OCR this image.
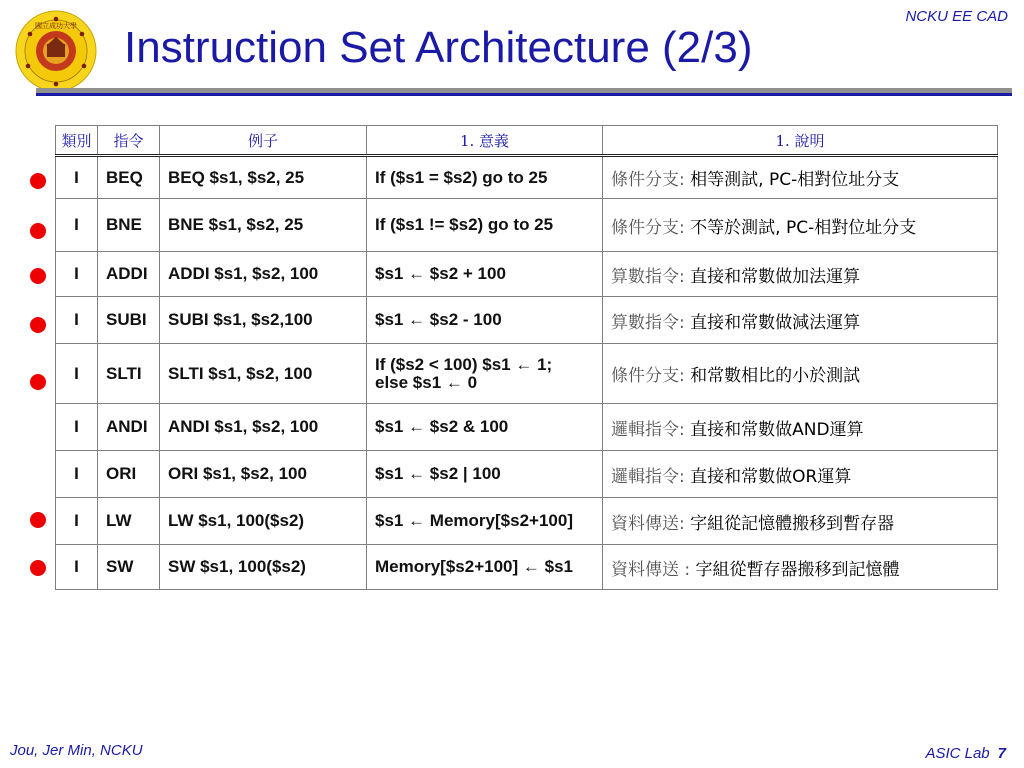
國立成功大學
NCKU EE CAD
Instruction Set Architecture (2/3)
類別	指令	例子	1. 意義	1. 說明
I	BEQ	BEQ $s1, $s2, 25	If ($s1 = $s2) go to 25	條件分支: 相等測試, PC-相對位址分支
I	BNE	BNE $s1, $s2, 25	If ($s1 != $s2) go to 25	條件分支: 不等於測試, PC-相對位址分支
I	ADDI	ADDI $s1, $s2, 100	$s1 ← $s2 + 100	算數指令: 直接和常數做加法運算
I	SUBI	SUBI $s1, $s2,100	$s1 ← $s2 - 100	算數指令: 直接和常數做減法運算
I	SLTI	SLTI $s1, $s2, 100	If ($s2 < 100) $s1 ← 1;
else $s1 ← 0	條件分支: 和常數相比的小於測試
I	ANDI	ANDI $s1, $s2, 100	$s1 ← $s2 & 100	邏輯指令: 直接和常數做AND運算
I	ORI	ORI $s1, $s2, 100	$s1 ← $s2 | 100	邏輯指令: 直接和常數做OR運算
I	LW	LW $s1, 100($s2)	$s1 ← Memory[$s2+100]	資料傳送: 字組從記憶體搬移到暫存器
I	SW	SW $s1, 100($s2)	Memory[$s2+100] ← $s1	資料傳送 : 字組從暫存器搬移到記憶體
Jou, Jer Min, NCKU	ASIC Lab 7
